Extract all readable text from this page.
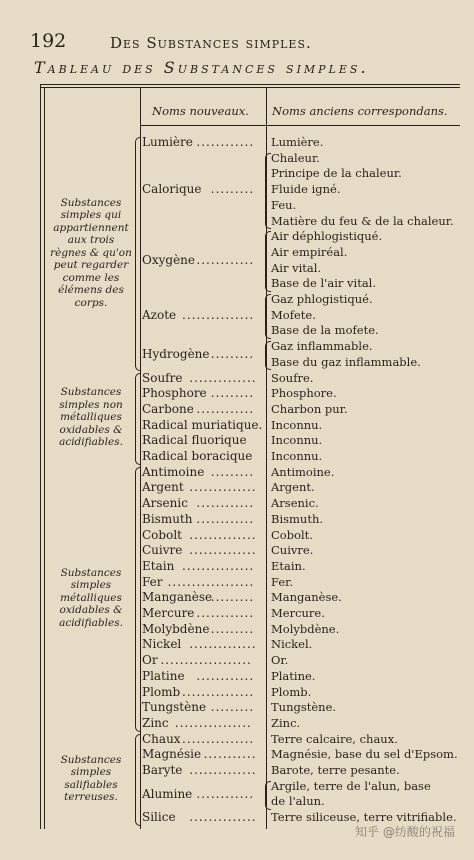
192	Des Substances simples.
Tableau des Substances simples.
Noms nouveaux. Noms anciens correspondans.
Lumière ............ Lumière.
Calorique .........
Chaleur.
Principe de la chaleur.
Fluide igné.
Feu.
Matière du feu & de la chaleur.
Oxygène ............
Air déphlogistiqué.
Air empiréal.
Air vital.
Base de l'air vital.
Azote ...............
Gaz phlogistiqué.
Mofete.
Base de la mofete.
Hydrogène .........
Gaz inflammable.
Base du gaz inflammable.
Substances simples qui appartiennent aux trois règnes & qu'on peut regarder comme les élémens des corps.
Soufre .............. Soufre.
Phosphore ......... Phosphore.
Carbone ............ Charbon pur.
Radical muriatique. Inconnu.
Radical fluorique Inconnu.
Radical boracique Inconnu.
Substances simples non métalliques oxidables & acidifiables.
Antimoine ......... Antimoine.
Argent .............. Argent.
Arsenic ............ Arsenic.
Bismuth ............ Bismuth.
Cobolt .............. Cobolt.
Cuivre .............. Cuivre.
Etain ............... Etain.
Fer .................. Fer.
Manganèse
......... Manganèse.
Mercure ............ Mercure.
Molybdène ......... Molybdène.
Nickel .............. Nickel.
Or ................... Or.
Platine ............ Platine.
Plomb ............... Plomb.
Tungstène ......... Tungstène.
Zinc ................ Zinc.
Substances simples métalliques oxidables & acidifiables.
Chaux ............... Terre calcaire, chaux.
Magnésie ........... Magnésie, base du sel d'Epsom.
Baryte .............. Barote, terre pesante.
Alumine ............
Argile, terre de l'alun, base
de l'alun.
Silice .............. Terre siliceuse, terre vitrifiable.
Substances simples salifiables terreuses.
知乎 @纺酸的祝福
